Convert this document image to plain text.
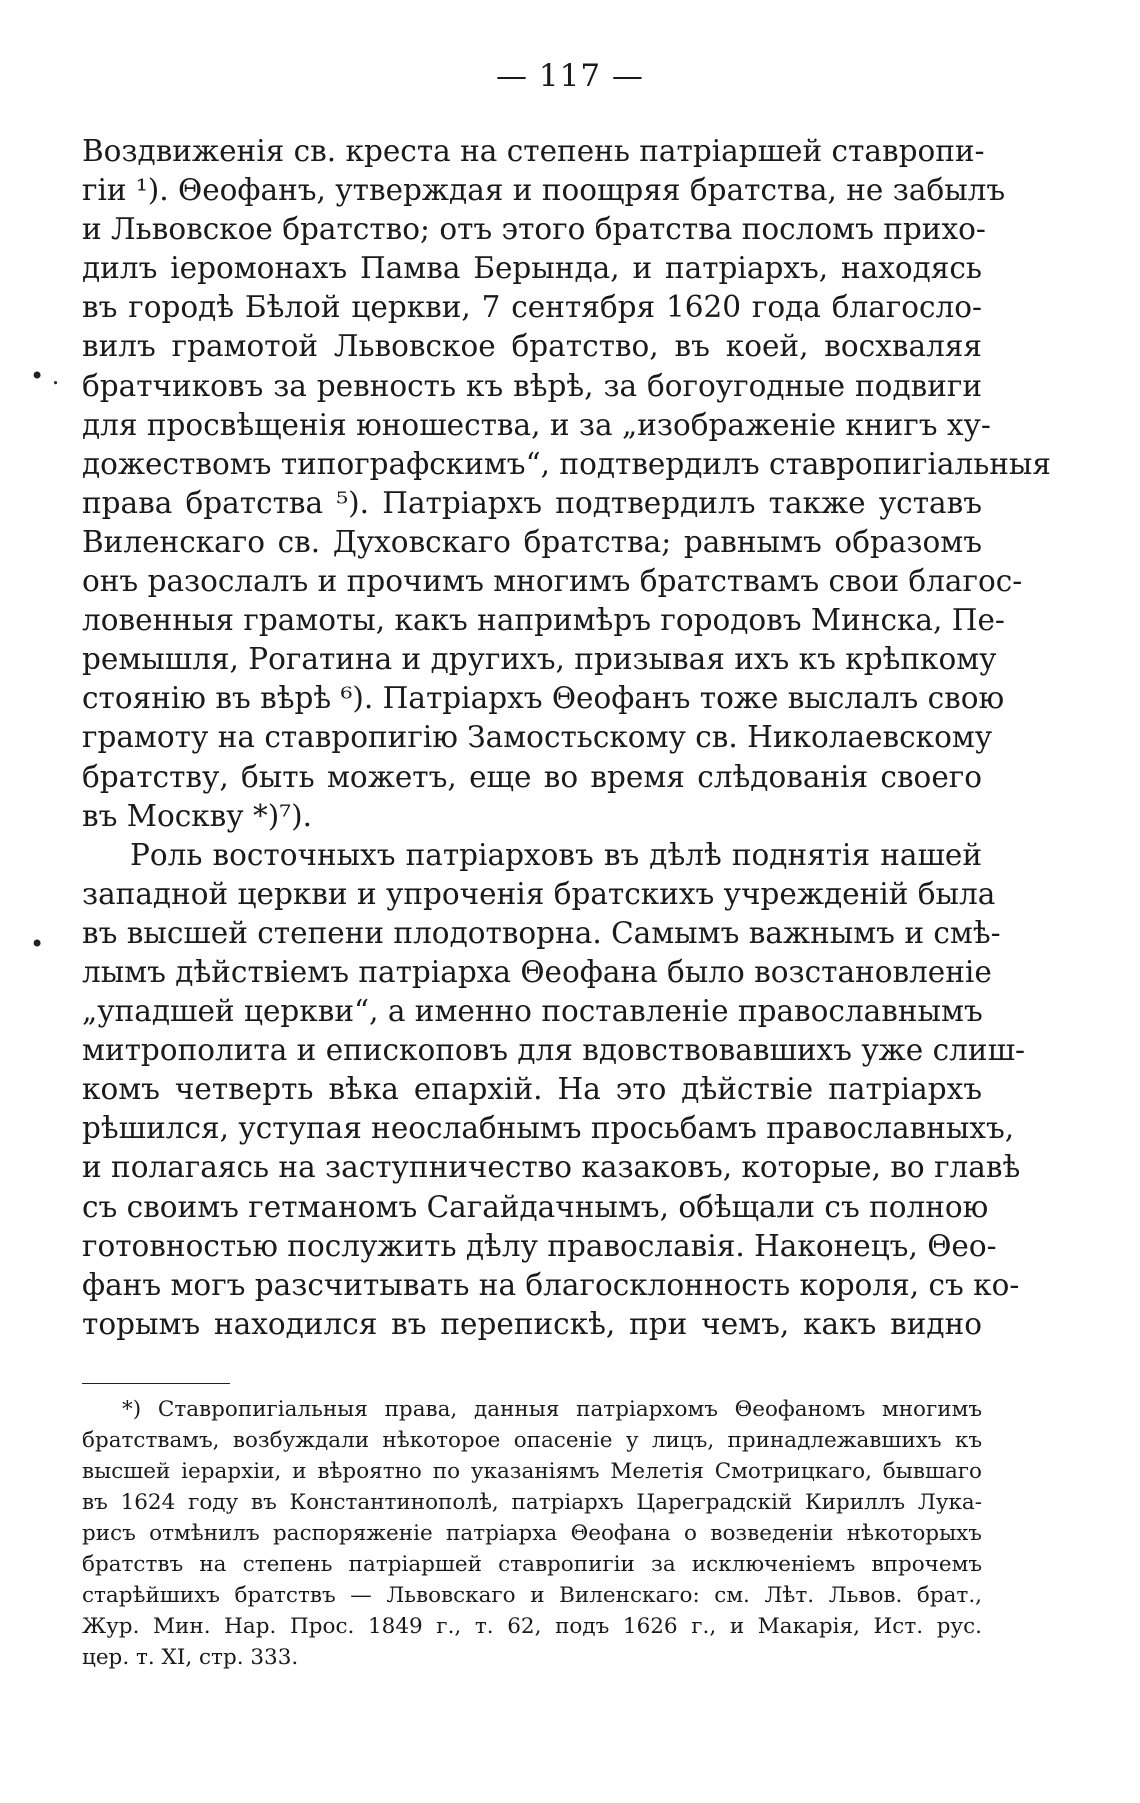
— 117 —
• .
•
Воздвиженія св. креста на степень патріаршей ставропи-
гіи ¹). Θеофанъ, утверждая и поощряя братства, не забылъ
и Львовское братство; отъ этого братства посломъ прихо-
дилъ іеромонахъ Памва Берында, и патріархъ, находясь
въ городѣ Бѣлой церкви, 7 сентября 1620 года благосло-
вилъ грамотой Львовское братство, въ коей, восхваляя
братчиковъ за ревность къ вѣрѣ, за богоугодные подвиги
для просвѣщенія юношества, и за „изображеніе книгъ ху-
дожествомъ типографскимъ“, подтвердилъ ставропигіальныя
права братства ⁵). Патріархъ подтвердилъ также уставъ
Виленскаго св. Духовскаго братства; равнымъ образомъ
онъ разослалъ и прочимъ многимъ братствамъ свои благос-
ловенныя грамоты, какъ напримѣръ городовъ Минска, Пе-
ремышля, Рогатина и другихъ, призывая ихъ къ крѣпкому
стоянію въ вѣрѣ ⁶). Патріархъ Θеофанъ тоже выслалъ свою
грамоту на ставропигію Замостьскому св. Николаевскому
братству, быть можетъ, еще во время слѣдованія своего
въ Москву *)⁷).
Роль восточныхъ патріарховъ въ дѣлѣ поднятія нашей
западной церкви и упроченія братскихъ учрежденій была
въ высшей степени плодотворна. Самымъ важнымъ и смѣ-
лымъ дѣйствіемъ патріарха Θеофана было возстановленіе
„упадшей церкви“, а именно поставленіе православнымъ
митрополита и епископовъ для вдовствовавшихъ уже слиш-
комъ четверть вѣка епархій. На это дѣйствіе патріархъ
рѣшился, уступая неослабнымъ просьбамъ православныхъ,
и полагаясь на заступничество казаковъ, которые, во главѣ
съ своимъ гетманомъ Сагайдачнымъ, обѣщали съ полною
готовностью послужить дѣлу православія. Наконецъ, Θео-
фанъ могъ разсчитывать на благосклонность короля, съ ко-
торымъ находился въ перепискѣ, при чемъ, какъ видно
*) Ставропигіальныя права, данныя патріархомъ Θеофаномъ многимъ
братствамъ, возбуждали нѣкоторое опасеніе у лицъ, принадлежавшихъ къ
высшей іерархіи, и вѣроятно по указаніямъ Мелетія Смотрицкаго, бывшаго
въ 1624 году въ Константинополѣ, патріархъ Цареградскій Кириллъ Лука-
рисъ отмѣнилъ распоряженіе патріарха Θеофана о возведеніи нѣкоторыхъ
братствъ на степень патріаршей ставропигіи за исключеніемъ впрочемъ
старѣйшихъ братствъ — Львовскаго и Виленскаго: см. Лѣт. Львов. брат.,
Жур. Мин. Нар. Прос. 1849 г., т. 62, подъ 1626 г., и Макарія, Ист. рус.
цер. т. XI, стр. 333.
